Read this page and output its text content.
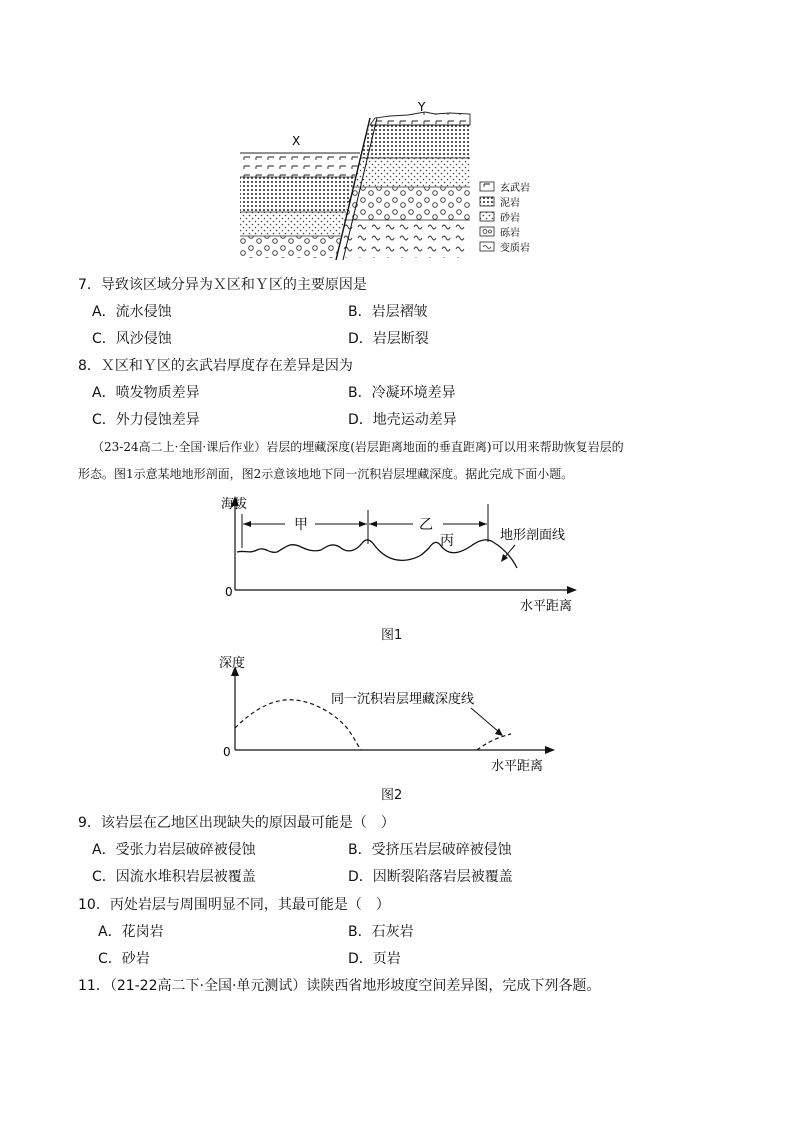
X
Y
玄武岩
泥岩
砂岩
砾岩
变质岩
7．导致该区域分异为Ｘ区和Ｙ区的主要原因是
A．流水侵蚀	B．岩层褶皱
C．风沙侵蚀	D．岩层断裂
8．Ｘ区和Ｙ区的玄武岩厚度存在差异是因为
A．喷发物质差异	B．冷凝环境差异
C．外力侵蚀差异	D．地壳运动差异
（23-24高二上·全国·课后作业）岩层的埋藏深度(岩层距离地面的垂直距离)可以用来帮助恢复岩层的
形态。图1示意某地地形剖面，图2示意该地地下同一沉积岩层埋藏深度。据此完成下面小题。
海拔
0
水平距离
甲	乙
丙	地形剖面线
图1
深度
0
水平距离
同一沉积岩层埋藏深度线
图2
9．该岩层在乙地区出现缺失的原因最可能是（　）
A．受张力岩层破碎被侵蚀	B．受挤压岩层破碎被侵蚀
C．因流水堆积岩层被覆盖	D．因断裂陷落岩层被覆盖
10．丙处岩层与周围明显不同，其最可能是（　）
A．花岗岩	B．石灰岩
C．砂岩	D．页岩
11．（21-22高二下·全国·单元测试）读陕西省地形坡度空间差异图，完成下列各题。
